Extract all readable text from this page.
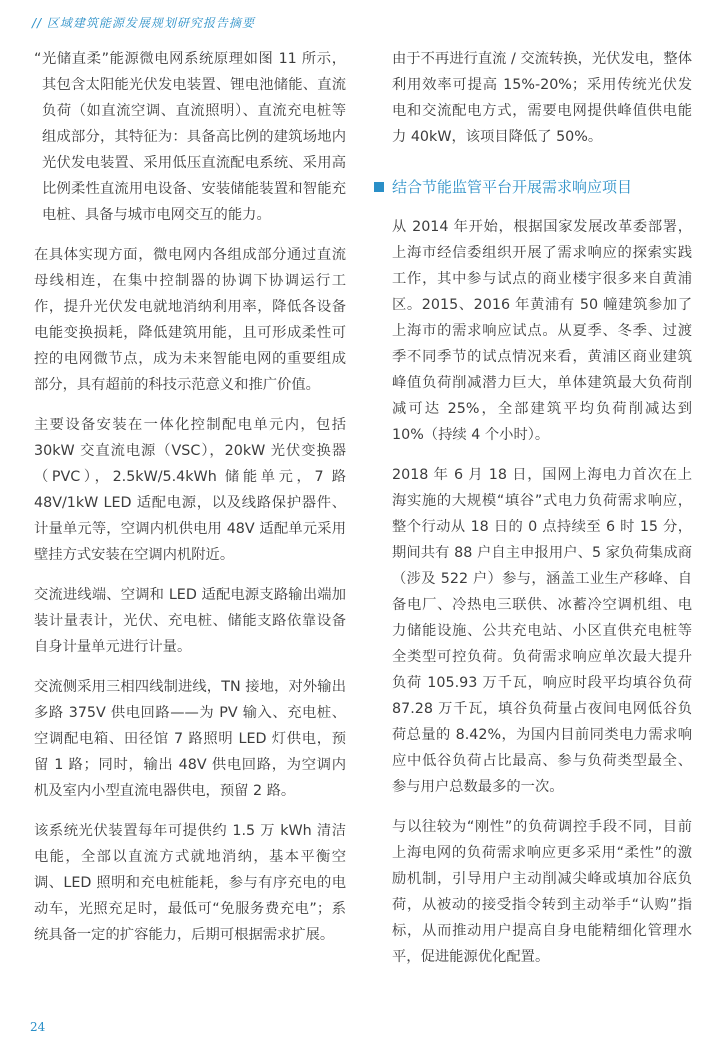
// 区域建筑能源发展规划研究报告摘要

“光储直柔”能源微电网系统原理如图 11 所示，其包含太阳能光伏发电装置、锂电池储能、直流负荷（如直流空调、直流照明）、直流充电桩等组成部分，其特征为：具备高比例的建筑场地内光伏发电装置、采用低压直流配电系统、采用高比例柔性直流用电设备、安装储能装置和智能充电桩、具备与城市电网交互的能力。

在具体实现方面，微电网内各组成部分通过直流母线相连，在集中控制器的协调下协调运行工作，提升光伏发电就地消纳利用率，降低各设备电能变换损耗，降低建筑用能，且可形成柔性可控的电网微节点，成为未来智能电网的重要组成部分，具有超前的科技示范意义和推广价值。

主要设备安装在一体化控制配电单元内，包括 30kW 交直流电源（VSC），20kW 光伏变换器（PVC），2.5kW/5.4kWh 储能单元，7 路 48V/1kW LED 适配电源，以及线路保护器件、计量单元等，空调内机供电用 48V 适配单元采用壁挂方式安装在空调内机附近。

交流进线端、空调和 LED 适配电源支路输出端加装计量表计，光伏、充电桩、储能支路依靠设备自身计量单元进行计量。

交流侧采用三相四线制进线，TN 接地，对外输出多路 375V 供电回路——为 PV 输入、充电桩、空调配电箱、田径馆 7 路照明 LED 灯供电，预留 1 路；同时，输出 48V 供电回路，为空调内机及室内小型直流电器供电，预留 2 路。

该系统光伏装置每年可提供约 1.5 万 kWh 清洁电能，全部以直流方式就地消纳，基本平衡空调、LED 照明和充电桩能耗，参与有序充电的电动车，光照充足时，最低可“免服务费充电”；系统具备一定的扩容能力，后期可根据需求扩展。

由于不再进行直流 / 交流转换，光伏发电，整体利用效率可提高 15%-20%；采用传统光伏发电和交流配电方式，需要电网提供峰值供电能力 40kW，该项目降低了 50%。

结合节能监管平台开展需求响应项目

从 2014 年开始，根据国家发展改革委部署，上海市经信委组织开展了需求响应的探索实践工作，其中参与试点的商业楼宇很多来自黄浦区。2015、2016 年黄浦有 50 幢建筑参加了上海市的需求响应试点。从夏季、冬季、过渡季不同季节的试点情况来看，黄浦区商业建筑峰值负荷削减潜力巨大，单体建筑最大负荷削减可达 25%，全部建筑平均负荷削减达到 10%（持续 4 个小时）。

2018 年 6 月 18 日，国网上海电力首次在上海实施的大规模“填谷”式电力负荷需求响应，整个行动从 18 日的 0 点持续至 6 时 15 分，期间共有 88 户自主申报用户、5 家负荷集成商（涉及 522 户）参与，涵盖工业生产移峰、自备电厂、冷热电三联供、冰蓄冷空调机组、电力储能设施、公共充电站、小区直供充电桩等全类型可控负荷。负荷需求响应单次最大提升负荷 105.93 万千瓦，响应时段平均填谷负荷 87.28 万千瓦，填谷负荷量占夜间电网低谷负荷总量的 8.42%，为国内目前同类电力需求响应中低谷负荷占比最高、参与负荷类型最全、参与用户总数最多的一次。

与以往较为“刚性”的负荷调控手段不同，目前上海电网的负荷需求响应更多采用“柔性”的激励机制，引导用户主动削减尖峰或填加谷底负荷，从被动的接受指令转到主动举手“认购”指标，从而推动用户提高自身电能精细化管理水平，促进能源优化配置。

24
